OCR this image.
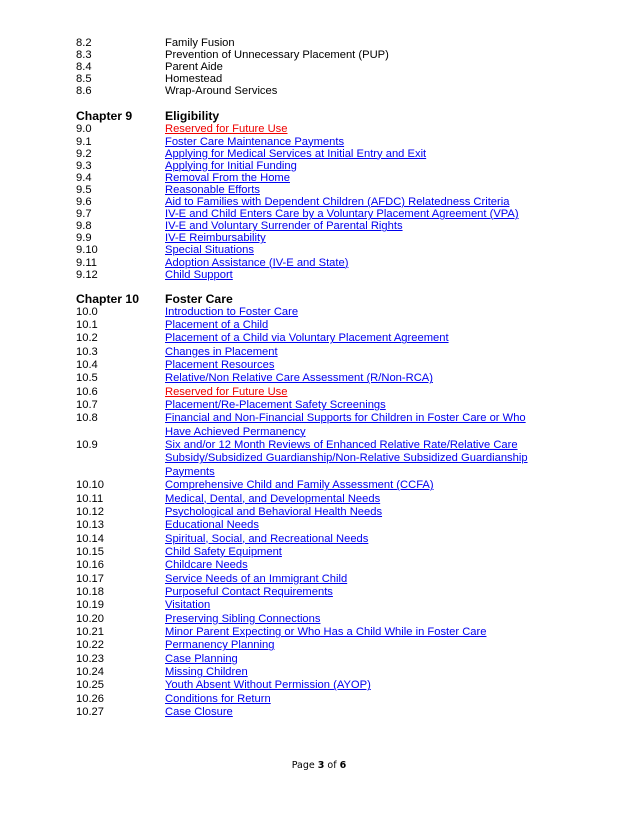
8.2	Family Fusion
8.3	Prevention of Unnecessary Placement (PUP)
8.4	Parent Aide
8.5	Homestead
8.6	Wrap-Around Services
Chapter 9	Eligibility
9.0	Reserved for Future Use
9.1	Foster Care Maintenance Payments
9.2	Applying for Medical Services at Initial Entry and Exit
9.3	Applying for Initial Funding
9.4	Removal From the Home
9.5	Reasonable Efforts
9.6	Aid to Families with Dependent Children (AFDC) Relatedness Criteria
9.7	IV-E and Child Enters Care by a Voluntary Placement Agreement (VPA)
9.8	IV-E and Voluntary Surrender of Parental Rights
9.9	IV-E Reimbursability
9.10	Special Situations
9.11	Adoption Assistance (IV-E and State)
9.12	Child Support
Chapter 10	Foster Care
10.0	Introduction to Foster Care
10.1	Placement of a Child
10.2	Placement of a Child via Voluntary Placement Agreement
10.3	Changes in Placement
10.4	Placement Resources
10.5	Relative/Non Relative Care Assessment (R/Non-RCA)
10.6	Reserved for Future Use
10.7	Placement/Re-Placement Safety Screenings
10.8	Financial and Non-Financial Supports for Children in Foster Care or Who Have Achieved Permanency
10.9	Six and/or 12 Month Reviews of Enhanced Relative Rate/Relative Care Subsidy/Subsidized Guardianship/Non-Relative Subsidized Guardianship Payments
10.10	Comprehensive Child and Family Assessment (CCFA)
10.11	Medical, Dental, and Developmental Needs
10.12	Psychological and Behavioral Health Needs
10.13	Educational Needs
10.14	Spiritual, Social, and Recreational Needs
10.15	Child Safety Equipment
10.16	Childcare Needs
10.17	Service Needs of an Immigrant Child
10.18	Purposeful Contact Requirements
10.19	Visitation
10.20	Preserving Sibling Connections
10.21	Minor Parent Expecting or Who Has a Child While in Foster Care
10.22	Permanency Planning
10.23	Case Planning
10.24	Missing Children
10.25	Youth Absent Without Permission (AYOP)
10.26	Conditions for Return
10.27	Case Closure
Page 3 of 6
